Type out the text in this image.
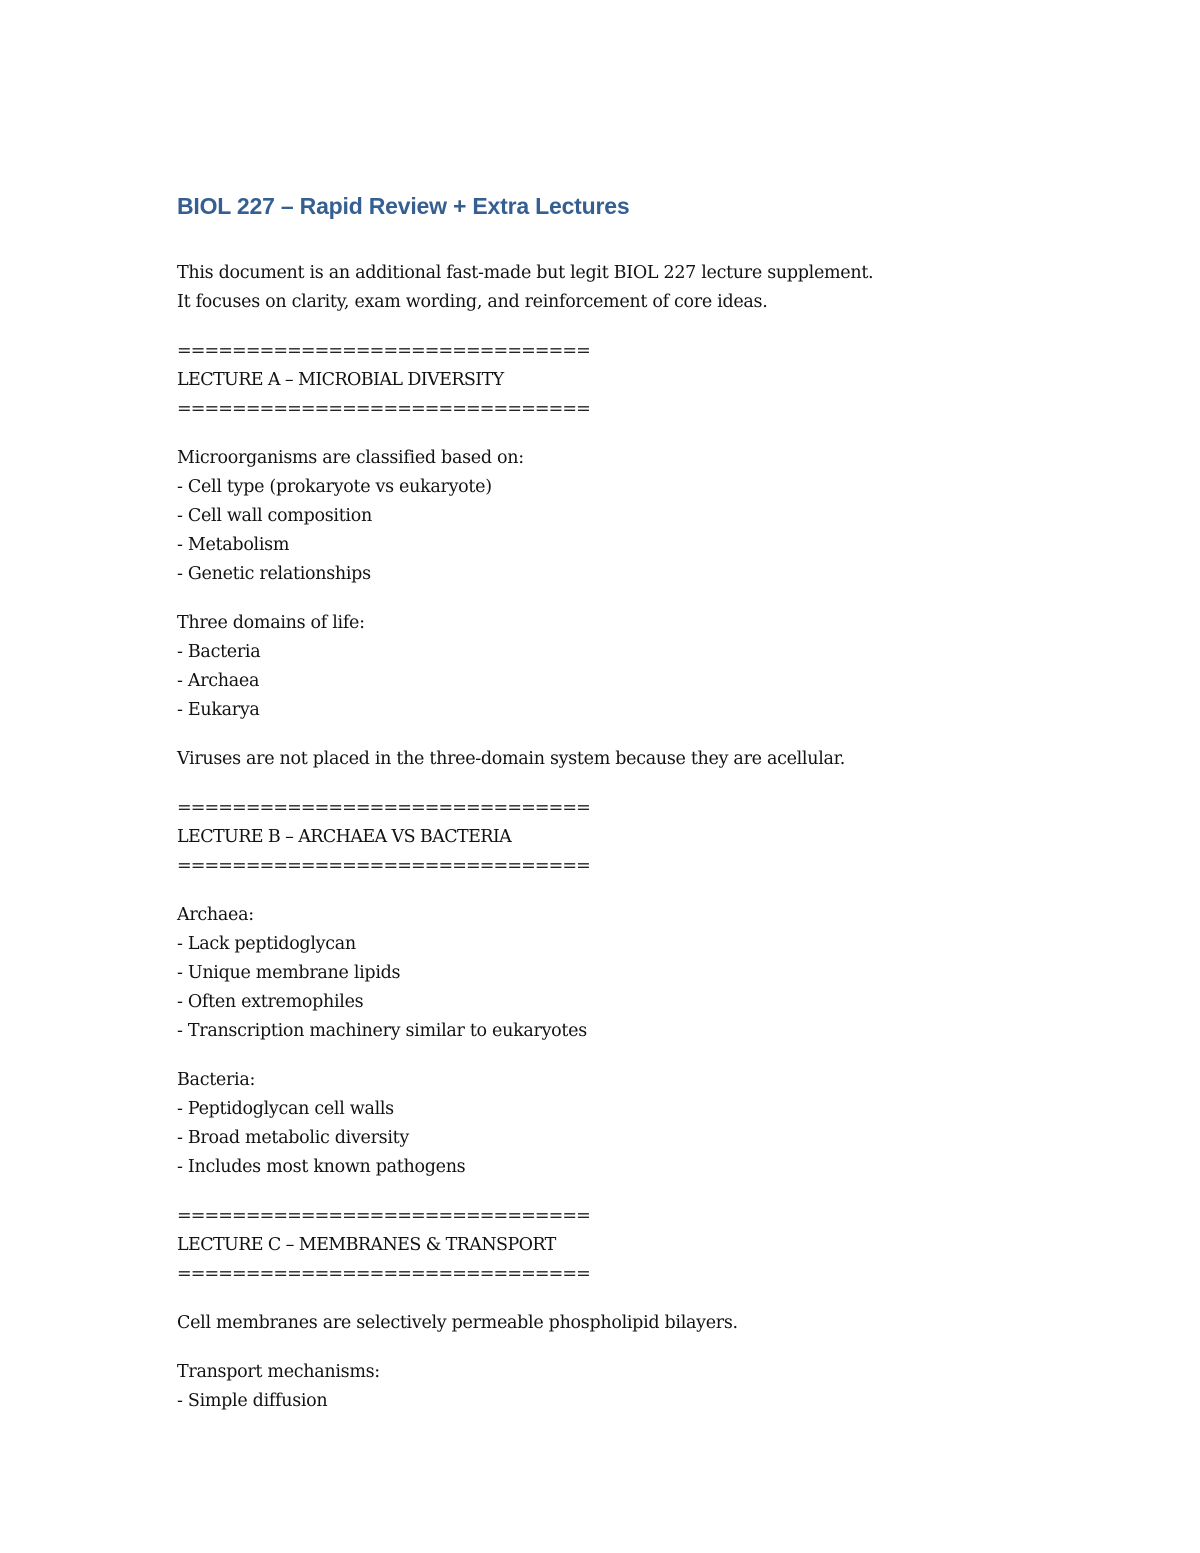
BIOL 227 – Rapid Review + Extra Lectures
This document is an additional fast-made but legit BIOL 227 lecture supplement.
It focuses on clarity, exam wording, and reinforcement of core ideas.
==============================
LECTURE A – MICROBIAL DIVERSITY
==============================
Microorganisms are classified based on:
- Cell type (prokaryote vs eukaryote)
- Cell wall composition
- Metabolism
- Genetic relationships
Three domains of life:
- Bacteria
- Archaea
- Eukarya
Viruses are not placed in the three-domain system because they are acellular.
==============================
LECTURE B – ARCHAEA VS BACTERIA
==============================
Archaea:
- Lack peptidoglycan
- Unique membrane lipids
- Often extremophiles
- Transcription machinery similar to eukaryotes
Bacteria:
- Peptidoglycan cell walls
- Broad metabolic diversity
- Includes most known pathogens
==============================
LECTURE C – MEMBRANES & TRANSPORT
==============================
Cell membranes are selectively permeable phospholipid bilayers.
Transport mechanisms:
- Simple diffusion
